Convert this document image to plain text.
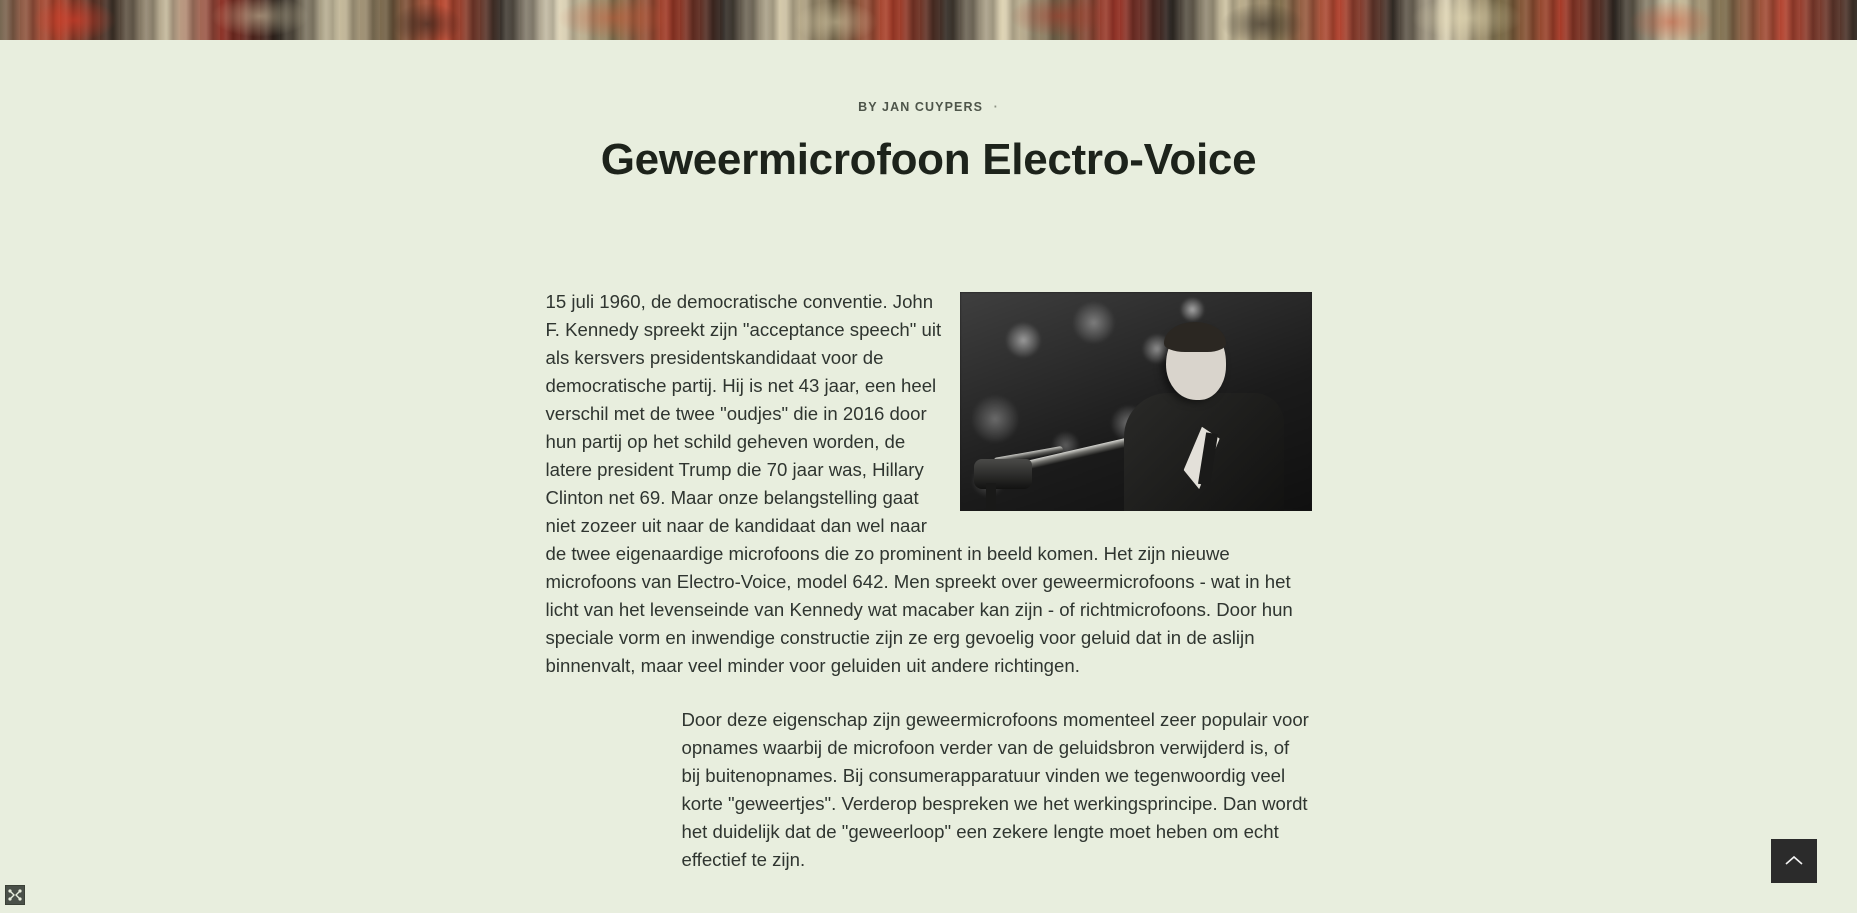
BY JAN CUYPERS ·
Geweermicrofoon Electro-Voice

15 juli 1960, de democratische conventie. John F. Kennedy spreekt zijn "acceptance speech" uit als kersvers presidentskandidaat voor de democratische partij. Hij is net 43 jaar, een heel verschil met de twee "oudjes" die in 2016 door hun partij op het schild geheven worden, de latere president Trump die 70 jaar was, Hillary Clinton net 69. Maar onze belangstelling gaat niet zozeer uit naar de kandidaat dan wel naar de twee eigenaardige microfoons die zo prominent in beeld komen. Het zijn nieuwe microfoons van Electro-Voice, model 642. Men spreekt over geweermicrofoons - wat in het licht van het levenseinde van Kennedy wat macaber kan zijn - of richtmicrofoons. Door hun speciale vorm en inwendige constructie zijn ze erg gevoelig voor geluid dat in de aslijn binnenvalt, maar veel minder voor geluiden uit andere richtingen.

Door deze eigenschap zijn geweermicrofoons momenteel zeer populair voor opnames waarbij de microfoon verder van de geluidsbron verwijderd is, of bij buitenopnames. Bij consumerapparatuur vinden we tegenwoordig veel korte "geweertjes". Verderop bespreken we het werkingsprincipe. Dan wordt het duidelijk dat de "geweerloop" een zekere lengte moet heben om echt effectief te zijn.
